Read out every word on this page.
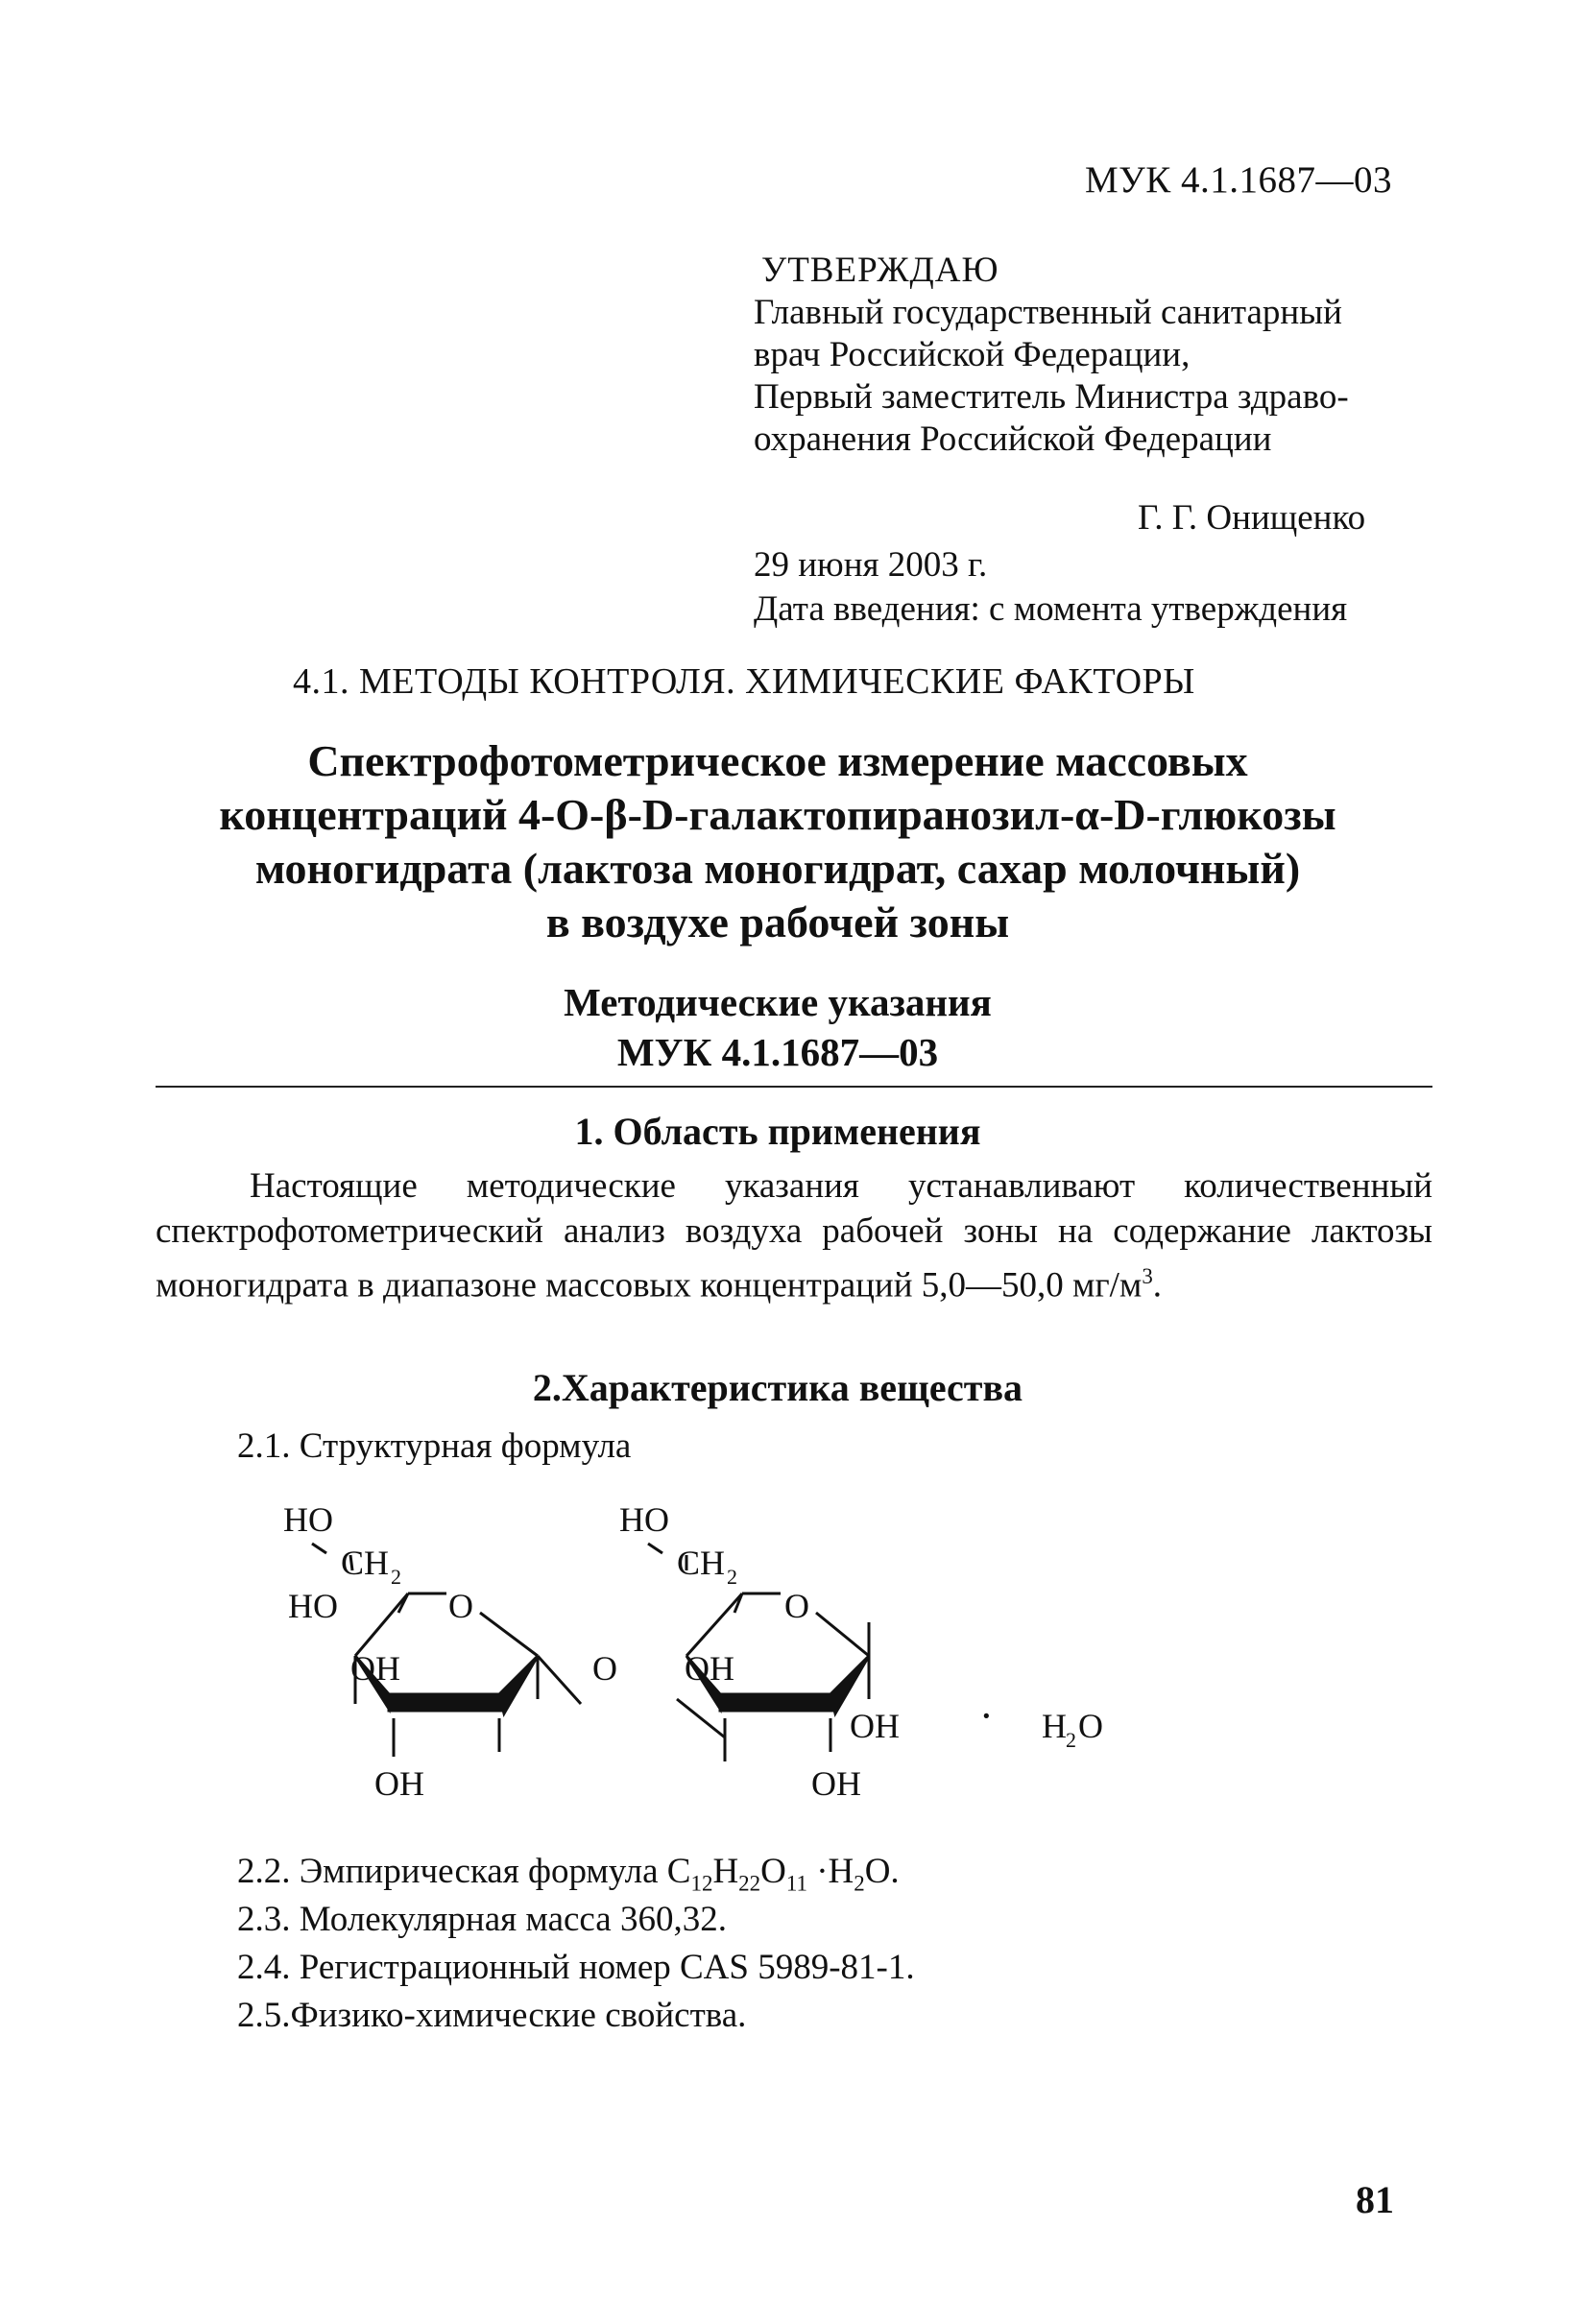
МУК 4.1.1687—03
УТВЕРЖДАЮ
Главный государственный санитарный
врач Российской Федерации,
Первый заместитель Министра здраво-
охранения Российской Федерации
Г. Г. Онищенко
29 июня 2003 г.
Дата введения: с момента утверждения
4.1. МЕТОДЫ КОНТРОЛЯ. ХИМИЧЕСКИЕ ФАКТОРЫ
Спектрофотометрическое измерение массовых
концентраций 4-О-β-D-галактопиранозил-α-D-глюкозы
моногидрата (лактоза моногидрат, сахар молочный)
в воздухе рабочей зоны
Методические указания
МУК 4.1.1687—03
1. Область применения
Настоящие методические указания устанавливают количественный спектрофотометрический анализ воздуха рабочей зоны на содержание лактозы моногидрата в диапазоне массовых концентраций 5,0—50,0 $мг/м^3$.
2.Характеристика вещества
2.1. Структурная формула
HO
CH 2
HO	O
OH
OH
O
HO
CH 2
O
OH
OH
OH
· H 2 O
2.2. Эмпирическая формула $C_{12}H_{22}O_{11} \cdot H_2O$.
2.3. Молекулярная масса 360,32.
2.4. Регистрационный номер CAS 5989-81-1.
2.5.Физико-химические свойства.
81
